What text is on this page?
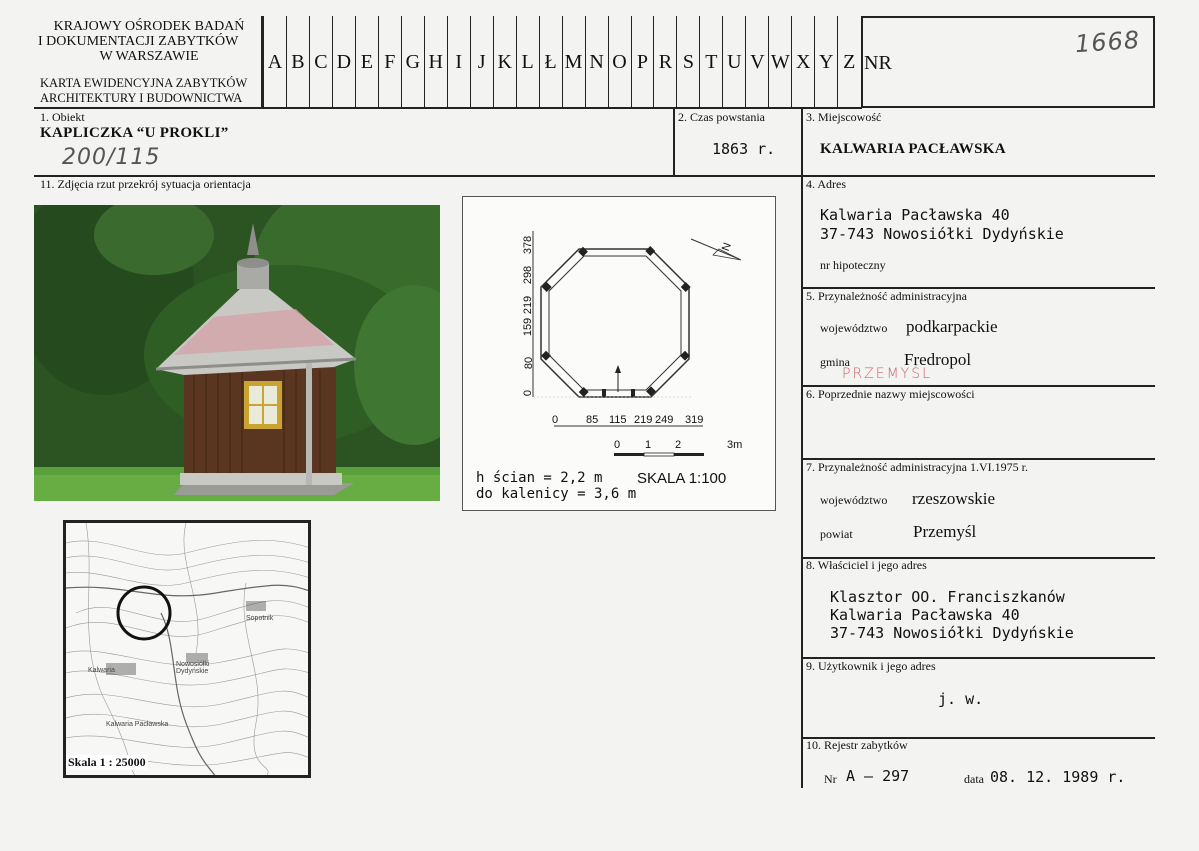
KRAJOWY OŚRODEK BADAŃ
I DOKUMENTACJI ZABYTKÓW
W WARSZAWIE
KARTA EWIDENCYJNA ZABYTKÓW
ARCHITEKTURY I BUDOWNICTWA
A B C D E F G H I J K L Ł M N O P R S T U V W X Y Z NR
1668
1. Obiekt
KAPLICZKA “U PROKLI”
200/115
2. Czas powstania
1863 r.
3. Miejscowość
KALWARIA PACŁAWSKA
11. Zdjęcia rzut przekrój sytuacja orientacja	4. Adres
Kalwaria Pacławska 40
37-743 Nowosiółki Dydyńskie
nr hipoteczny
5. Przynależność administracyjna
województwo podkarpackie
gmina	Fredropol
PRZEMYŚL
6. Poprzednie nazwy miejscowości
7. Przynależność administracyjna 1.VI.1975 r.
województwo rzeszowskie
powiat	Przemyśl
8. Właściciel i jego adres
Klasztor OO. Franciszkanów
Kalwaria Pacławska 40
37-743 Nowosiółki Dydyńskie
9. Użytkownik i jego adres
j. w.
10. Rejestr zabytków
Nr A – 297	data 08. 12. 1989 r.
378
298
219
159
80
0
0	85 115 219 249 319
0 1 2	3m
N
h ścian = 2,2 m
do kalenicy = 3,6 m
SKALA 1:100
Kalwaria
Nowosiółki Dydyńskie
Kalwaria Pacławska
Sopotnik
Skala 1 : 25000
